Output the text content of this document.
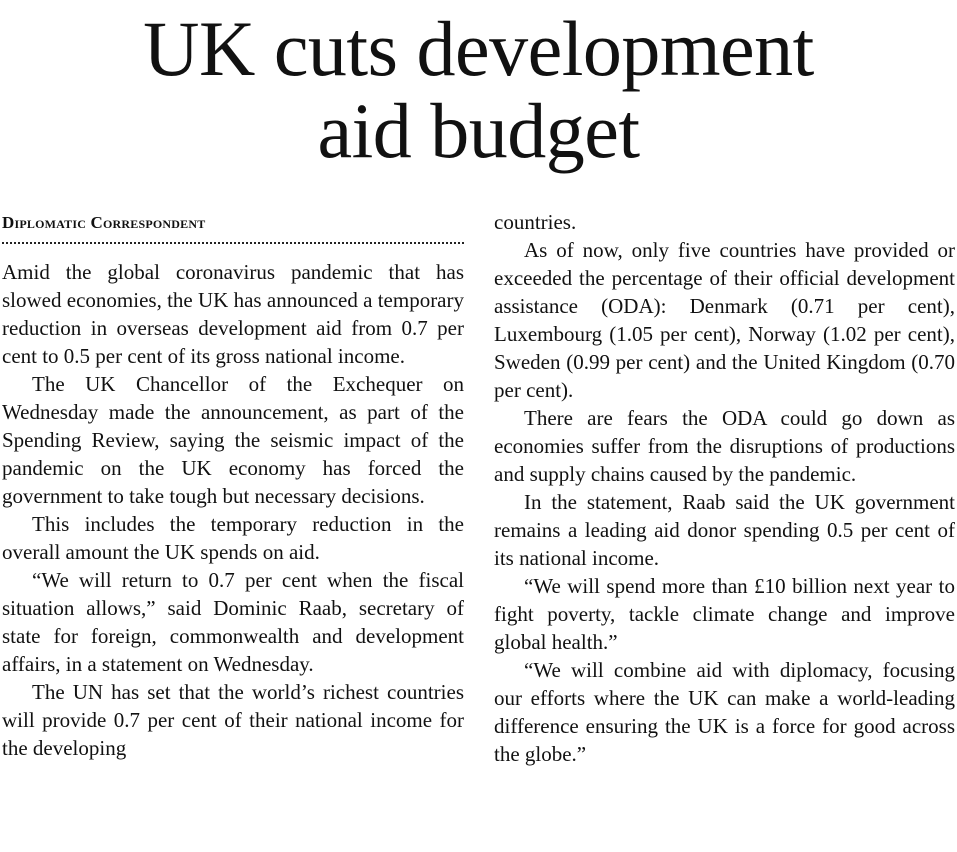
UK cuts development
aid budget
Diplomatic Correspondent

Amid the global coronavirus pandemic that has slowed economies, the UK has announced a temporary reduction in overseas development aid from 0.7 per cent to 0.5 per cent of its gross national income.

The UK Chancellor of the Exchequer on Wednesday made the announcement, as part of the Spending Review, saying the seismic impact of the pandemic on the UK economy has forced the government to take tough but necessary decisions.

This includes the temporary reduction in the overall amount the UK spends on aid.

“We will return to 0.7 per cent when the fiscal situation allows,” said Dominic Raab, secretary of state for foreign, commonwealth and development affairs, in a statement on Wednesday.

The UN has set that the world’s richest countries will provide 0.7 per cent of their national income for the developing

countries.

As of now, only five countries have provided or exceeded the percentage of their official development assistance (ODA): Denmark (0.71 per cent), Luxembourg (1.05 per cent), Norway (1.02 per cent), Sweden (0.99 per cent) and the United Kingdom (0.70 per cent).

There are fears the ODA could go down as economies suffer from the disruptions of productions and supply chains caused by the pandemic.

In the statement, Raab said the UK government remains a leading aid donor spending 0.5 per cent of its national income.

“We will spend more than £10 billion next year to fight poverty, tackle climate change and improve global health.”

“We will combine aid with diplomacy, focusing our efforts where the UK can make a world-leading difference ensuring the UK is a force for good across the globe.”
